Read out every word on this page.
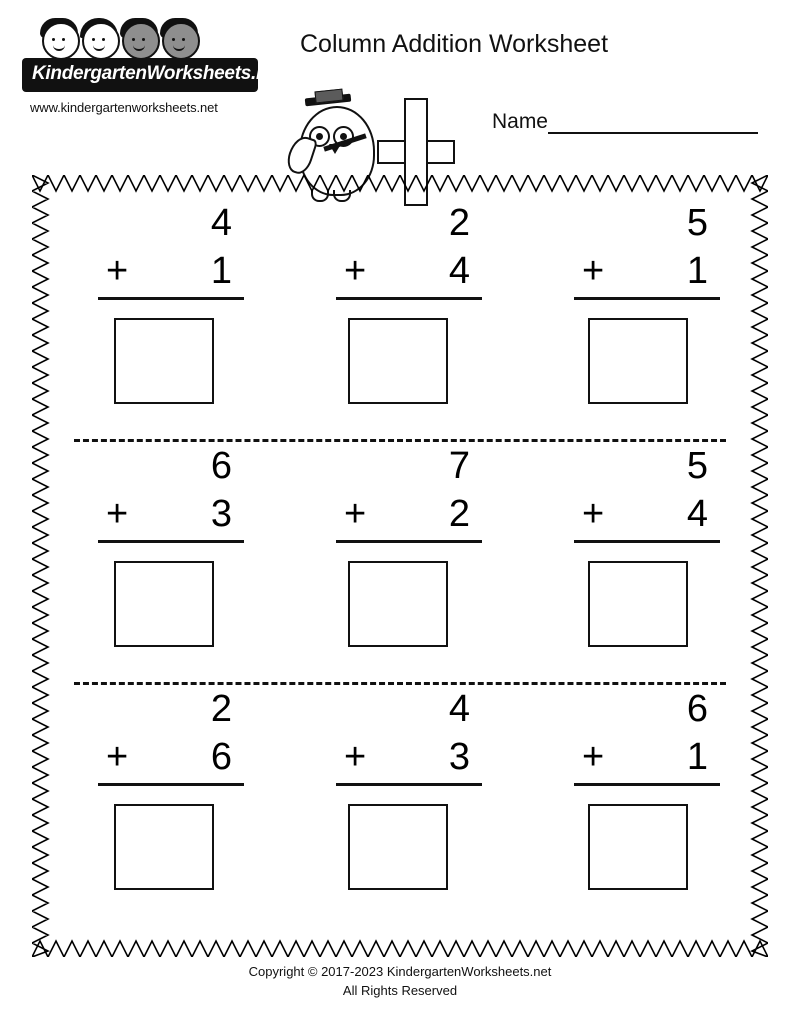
KindergartenWorksheets.net
www.kindergartenworksheets.net
Column Addition Worksheet
Name
4
+ 1
2
+ 4
5
+ 1
6
+ 3
7
+ 2
5
+ 4
2
+ 6
4
+ 3
6
+ 1
Copyright © 2017-2023 KindergartenWorksheets.net
All Rights Reserved
